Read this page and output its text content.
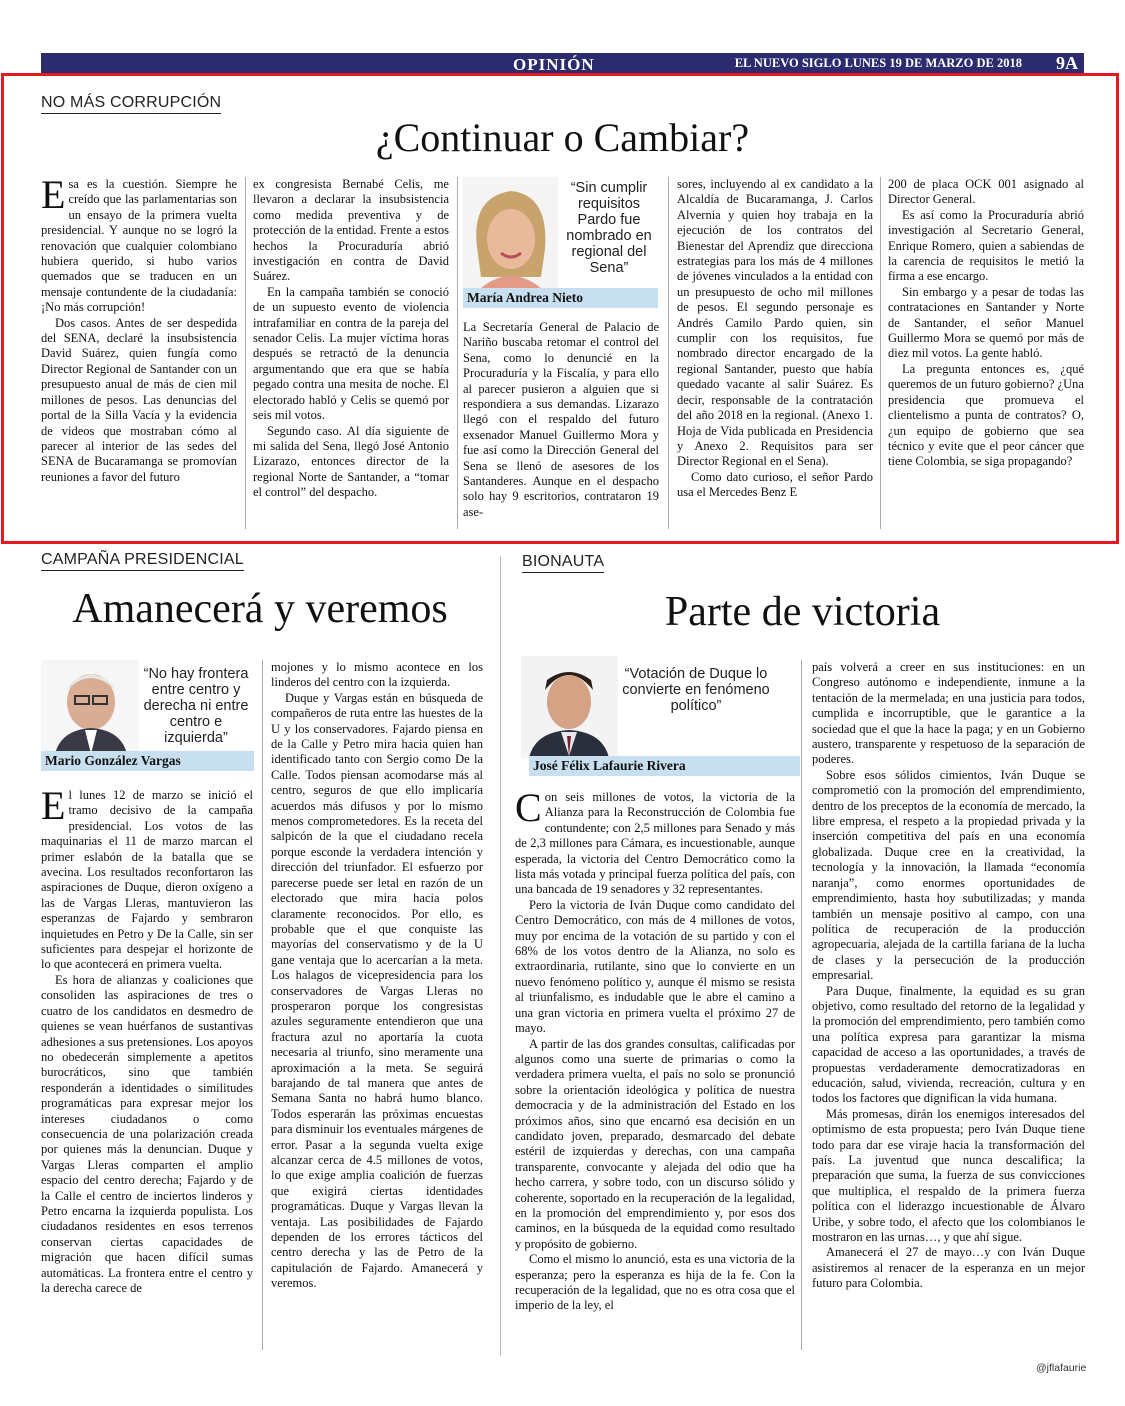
OPINIÓN	EL NUEVO SIGLO LUNES 19 DE MARZO DE 2018 9A
NO MÁS CORRUPCIÓN
¿Continuar o Cambiar?

Esa es la cuestión. Siempre he creído que las parlamentarias son un ensayo de la primera vuelta presidencial. Y aunque no se logró la renovación que cualquier colombiano hubiera querido, si hubo varios quemados que se traducen en un mensaje contundente de la ciudadanía: ¡No más corrupción!

Dos casos. Antes de ser despedida del SENA, declaré la insubsistencia David Suárez, quien fungía como Director Regional de Santander con un presupuesto anual de más de cien mil millones de pesos. Las denuncias del portal de la Silla Vacía y la evidencia de videos que mostraban cómo al parecer al interior de las sedes del SENA de Bucaramanga se promovían reuniones a favor del futuro

ex congresista Bernabé Celis, me llevaron a declarar la insubsistencia como medida preventiva y de protección de la entidad. Frente a estos hechos la Procuraduría abrió investigación en contra de David Suárez.

En la campaña también se conoció de un supuesto evento de violencia intrafamiliar en contra de la pareja del senador Celis. La mujer víctima horas después se retractó de la denuncia argumentando que era que se había pegado contra una mesita de noche. El electorado habló y Celis se quemó por seis mil votos.

Segundo caso. Al día siguiente de mi salida del Sena, llegó José Antonio Lizarazo, entonces director de la regional Norte de Santander, a “tomar el control” del despacho.

“Sin cumplir requisitos Pardo fue nombrado en regional del Sena”
María Andrea Nieto

La Secretaría General de Palacio de Nariño buscaba retomar el control del Sena, como lo denuncié en la Procuraduría y la Fiscalía, y para ello al parecer pusieron a alguien que si respondiera a sus demandas. Lizarazo llegó con el respaldo del futuro exsenador Manuel Guillermo Mora y fue así como la Dirección General del Sena se llenó de asesores de los Santanderes. Aunque en el despacho solo hay 9 escritorios, contrataron 19 ase-

sores, incluyendo al ex candidato a la Alcaldía de Bucaramanga, J. Carlos Alvernia y quien hoy trabaja en la ejecución de los contratos del Bienestar del Aprendiz que direcciona estrategias para los más de 4 millones de jóvenes vinculados a la entidad con un presupuesto de ocho mil millones de pesos. El segundo personaje es Andrés Camilo Pardo quien, sin cumplir con los requisitos, fue nombrado director encargado de la regional Santander, puesto que había quedado vacante al salir Suárez. Es decir, responsable de la contratación del año 2018 en la regional. (Anexo 1. Hoja de Vida publicada en Presidencia y Anexo 2. Requisitos para ser Director Regional en el Sena).

Como dato curioso, el señor Pardo usa el Mercedes Benz E

200 de placa OCK 001 asignado al Director General.

Es así como la Procuraduría abrió investigación al Secretario General, Enrique Romero, quien a sabiendas de la carencia de requisitos le metió la firma a ese encargo.

Sin embargo y a pesar de todas las contrataciones en Santander y Norte de Santander, el señor Manuel Guillermo Mora se quemó por más de diez mil votos. La gente habló.

La pregunta entonces es, ¿qué queremos de un futuro gobierno? ¿Una presidencia que promueva el clientelismo a punta de contratos? O, ¿un equipo de gobierno que sea técnico y evite que el peor cáncer que tiene Colombia, se siga propagando?

CAMPAÑA PRESIDENCIAL
Amanecerá y veremos
“No hay frontera entre centro y derecha ni entre centro e izquierda”
Mario González Vargas

El lunes 12 de marzo se inició el tramo decisivo de la campaña presidencial. Los votos de las maquinarias el 11 de marzo marcan el primer eslabón de la batalla que se avecina. Los resultados reconfortaron las aspiraciones de Duque, dieron oxígeno a las de Vargas Lleras, mantuvieron las esperanzas de Fajardo y sembraron inquietudes en Petro y De la Calle, sin ser suficientes para despejar el horizonte de lo que acontecerá en primera vuelta.

Es hora de alianzas y coaliciones que consoliden las aspiraciones de tres o cuatro de los candidatos en desmedro de quienes se vean huérfanos de sustantivas adhesiones a sus pretensiones. Los apoyos no obedecerán simplemente a apetitos burocráticos, sino que también responderán a identidades o similitudes programáticas para expresar mejor los intereses ciudadanos o como consecuencia de una polarización creada por quienes más la denuncian. Duque y Vargas Lleras comparten el amplio espacio del centro derecha; Fajardo y de la Calle el centro de inciertos linderos y Petro encarna la izquierda populista. Los ciudadanos residentes en esos terrenos conservan ciertas capacidades de migración que hacen difícil sumas automáticas. La frontera entre el centro y la derecha carece de

mojones y lo mismo acontece en los linderos del centro con la izquierda.

Duque y Vargas están en búsqueda de compañeros de ruta entre las huestes de la U y los conservadores. Fajardo piensa en de la Calle y Petro mira hacia quien han identificado tanto con Sergio como De la Calle. Todos piensan acomodarse más al centro, seguros de que ello implicaría acuerdos más difusos y por lo mismo menos comprometedores. Es la receta del salpicón de la que el ciudadano recela porque esconde la verdadera intención y dirección del triunfador. El esfuerzo por parecerse puede ser letal en razón de un electorado que mira hacia polos claramente reconocidos. Por ello, es probable que el que conquiste las mayorías del conservatismo y de la U gane ventaja que lo acercarían a la meta. Los halagos de vicepresidencia para los conservadores de Vargas Lleras no prosperaron porque los congresistas azules seguramente entendieron que una fractura azul no aportaría la cuota necesaria al triunfo, sino meramente una aproximación a la meta. Se seguirá barajando de tal manera que antes de Semana Santa no habrá humo blanco. Todos esperarán las próximas encuestas para disminuir los eventuales márgenes de error. Pasar a la segunda vuelta exige alcanzar cerca de 4.5 millones de votos, lo que exige amplia coalición de fuerzas que exigirá ciertas identidades programáticas. Duque y Vargas llevan la ventaja. Las posibilidades de Fajardo dependen de los errores tácticos del centro derecha y las de Petro de la capitulación de Fajardo. Amanecerá y veremos.

BIONAUTA
Parte de victoria
“Votación de Duque lo convierte en fenómeno político”
José Félix Lafaurie Rivera

Con seis millones de votos, la victoria de la Alianza para la Reconstrucción de Colombia fue contundente; con 2,5 millones para Senado y más de 2,3 millones para Cámara, es incuestionable, aunque esperada, la victoria del Centro Democrático como la lista más votada y principal fuerza política del país, con una bancada de 19 senadores y 32 representantes.

Pero la victoria de Iván Duque como candidato del Centro Democrático, con más de 4 millones de votos, muy por encima de la votación de su partido y con el 68% de los votos dentro de la Alianza, no solo es extraordinaria, rutilante, sino que lo convierte en un nuevo fenómeno político y, aunque él mismo se resista al triunfalismo, es indudable que le abre el camino a una gran victoria en primera vuelta el próximo 27 de mayo.

A partir de las dos grandes consultas, calificadas por algunos como una suerte de primarias o como la verdadera primera vuelta, el país no solo se pronunció sobre la orientación ideológica y política de nuestra democracia y de la administración del Estado en los próximos años, sino que encarnó esa decisión en un candidato joven, preparado, desmarcado del debate estéril de izquierdas y derechas, con una campaña transparente, convocante y alejada del odio que ha hecho carrera, y sobre todo, con un discurso sólido y coherente, soportado en la recuperación de la legalidad, en la promoción del emprendimiento y, por esos dos caminos, en la búsqueda de la equidad como resultado y propósito de gobierno.

Como el mismo lo anunció, esta es una victoria de la esperanza; pero la esperanza es hija de la fe. Con la recuperación de la legalidad, que no es otra cosa que el imperio de la ley, el

país volverá a creer en sus instituciones: en un Congreso autónomo e independiente, inmune a la tentación de la mermelada; en una justicia para todos, cumplida e incorruptible, que le garantice a la sociedad que el que la hace la paga; y en un Gobierno austero, transparente y respetuoso de la separación de poderes.

Sobre esos sólidos cimientos, Iván Duque se comprometió con la promoción del emprendimiento, dentro de los preceptos de la economía de mercado, la libre empresa, el respeto a la propiedad privada y la inserción competitiva del país en una economía globalizada. Duque cree en la creatividad, la tecnología y la innovación, la llamada “economía naranja”, como enormes oportunidades de emprendimiento, hasta hoy subutilizadas; y manda también un mensaje positivo al campo, con una política de recuperación de la producción agropecuaria, alejada de la cartilla fariana de la lucha de clases y la persecución de la producción empresarial.

Para Duque, finalmente, la equidad es su gran objetivo, como resultado del retorno de la legalidad y la promoción del emprendimiento, pero también como una política expresa para garantizar la misma capacidad de acceso a las oportunidades, a través de propuestas verdaderamente democratizadoras en educación, salud, vivienda, recreación, cultura y en todos los factores que dignifican la vida humana.

Más promesas, dirán los enemigos interesados del optimismo de esta propuesta; pero Iván Duque tiene todo para dar ese viraje hacia la transformación del país. La juventud que nunca descalifica; la preparación que suma, la fuerza de sus convicciones que multiplica, el respaldo de la primera fuerza política con el liderazgo incuestionable de Álvaro Uribe, y sobre todo, el afecto que los colombianos le mostraron en las urnas…, y que ahí sigue.

Amanecerá el 27 de mayo…y con Iván Duque asistiremos al renacer de la esperanza en un mejor futuro para Colombia.

@jflafaurie
